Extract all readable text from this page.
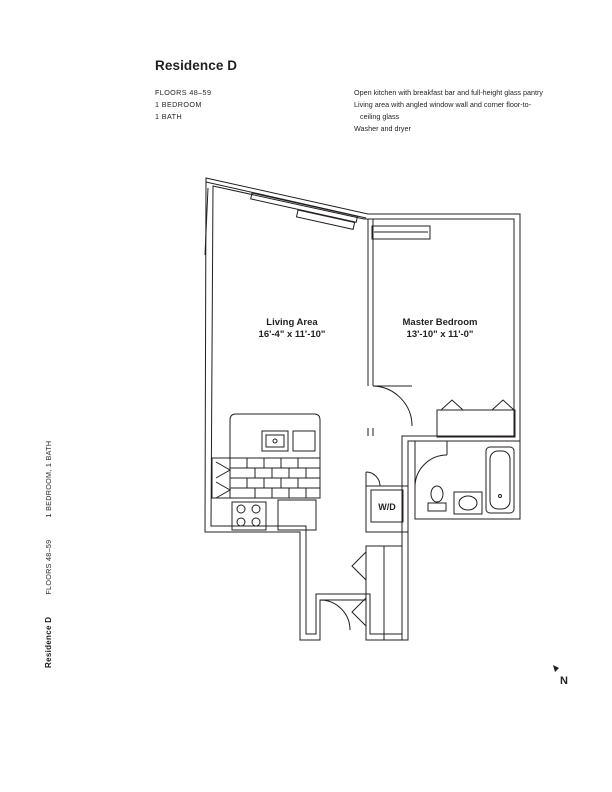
Residence D
FLOORS 48–59
1 BEDROOM
1 BATH
Open kitchen with breakfast bar and full-height glass pantry
Living area with angled window wall and corner floor-to-
ceiling glass
Washer and dryer
Living Area
16'-4" x 11'-10"
Master Bedroom
13'-10" x 11'-0"
W/D
Residence DFLOORS 48–591 BEDROOM, 1 BATH
N
